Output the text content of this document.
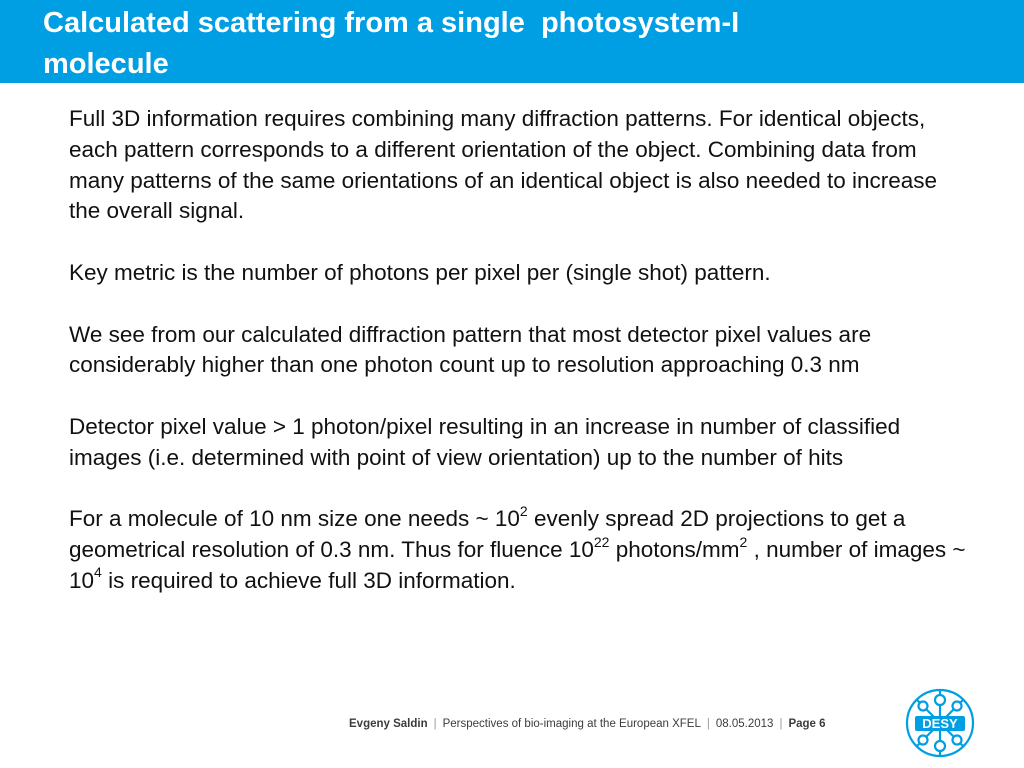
Calculated scattering from a single  photosystem-I
molecule

Full 3D information requires combining many diffraction patterns. For identical objects, each pattern corresponds to a different orientation of the object. Combining data from many patterns of the same orientations of an identical object is also needed to increase the overall signal.

Key metric is the number of photons per pixel per (single shot) pattern.

We see from our calculated diffraction pattern that most detector pixel values are considerably higher than one photon count up to resolution approaching 0.3 nm

Detector pixel value > 1 photon/pixel resulting in an increase in number of classified images (i.e. determined with point of view orientation) up to the number of hits

For a molecule of 10 nm size one needs ~ $10^2$ evenly spread 2D projections to get a geometrical resolution of 0.3 nm. Thus for fluence $10^{22}$ photons/$mm^2$ , number of images ~ $10^4$ is required to achieve full 3D information.

Evgeny Saldin | Perspectives of bio-imaging at the European XFEL | 08.05.2013 | Page 6	DESY
